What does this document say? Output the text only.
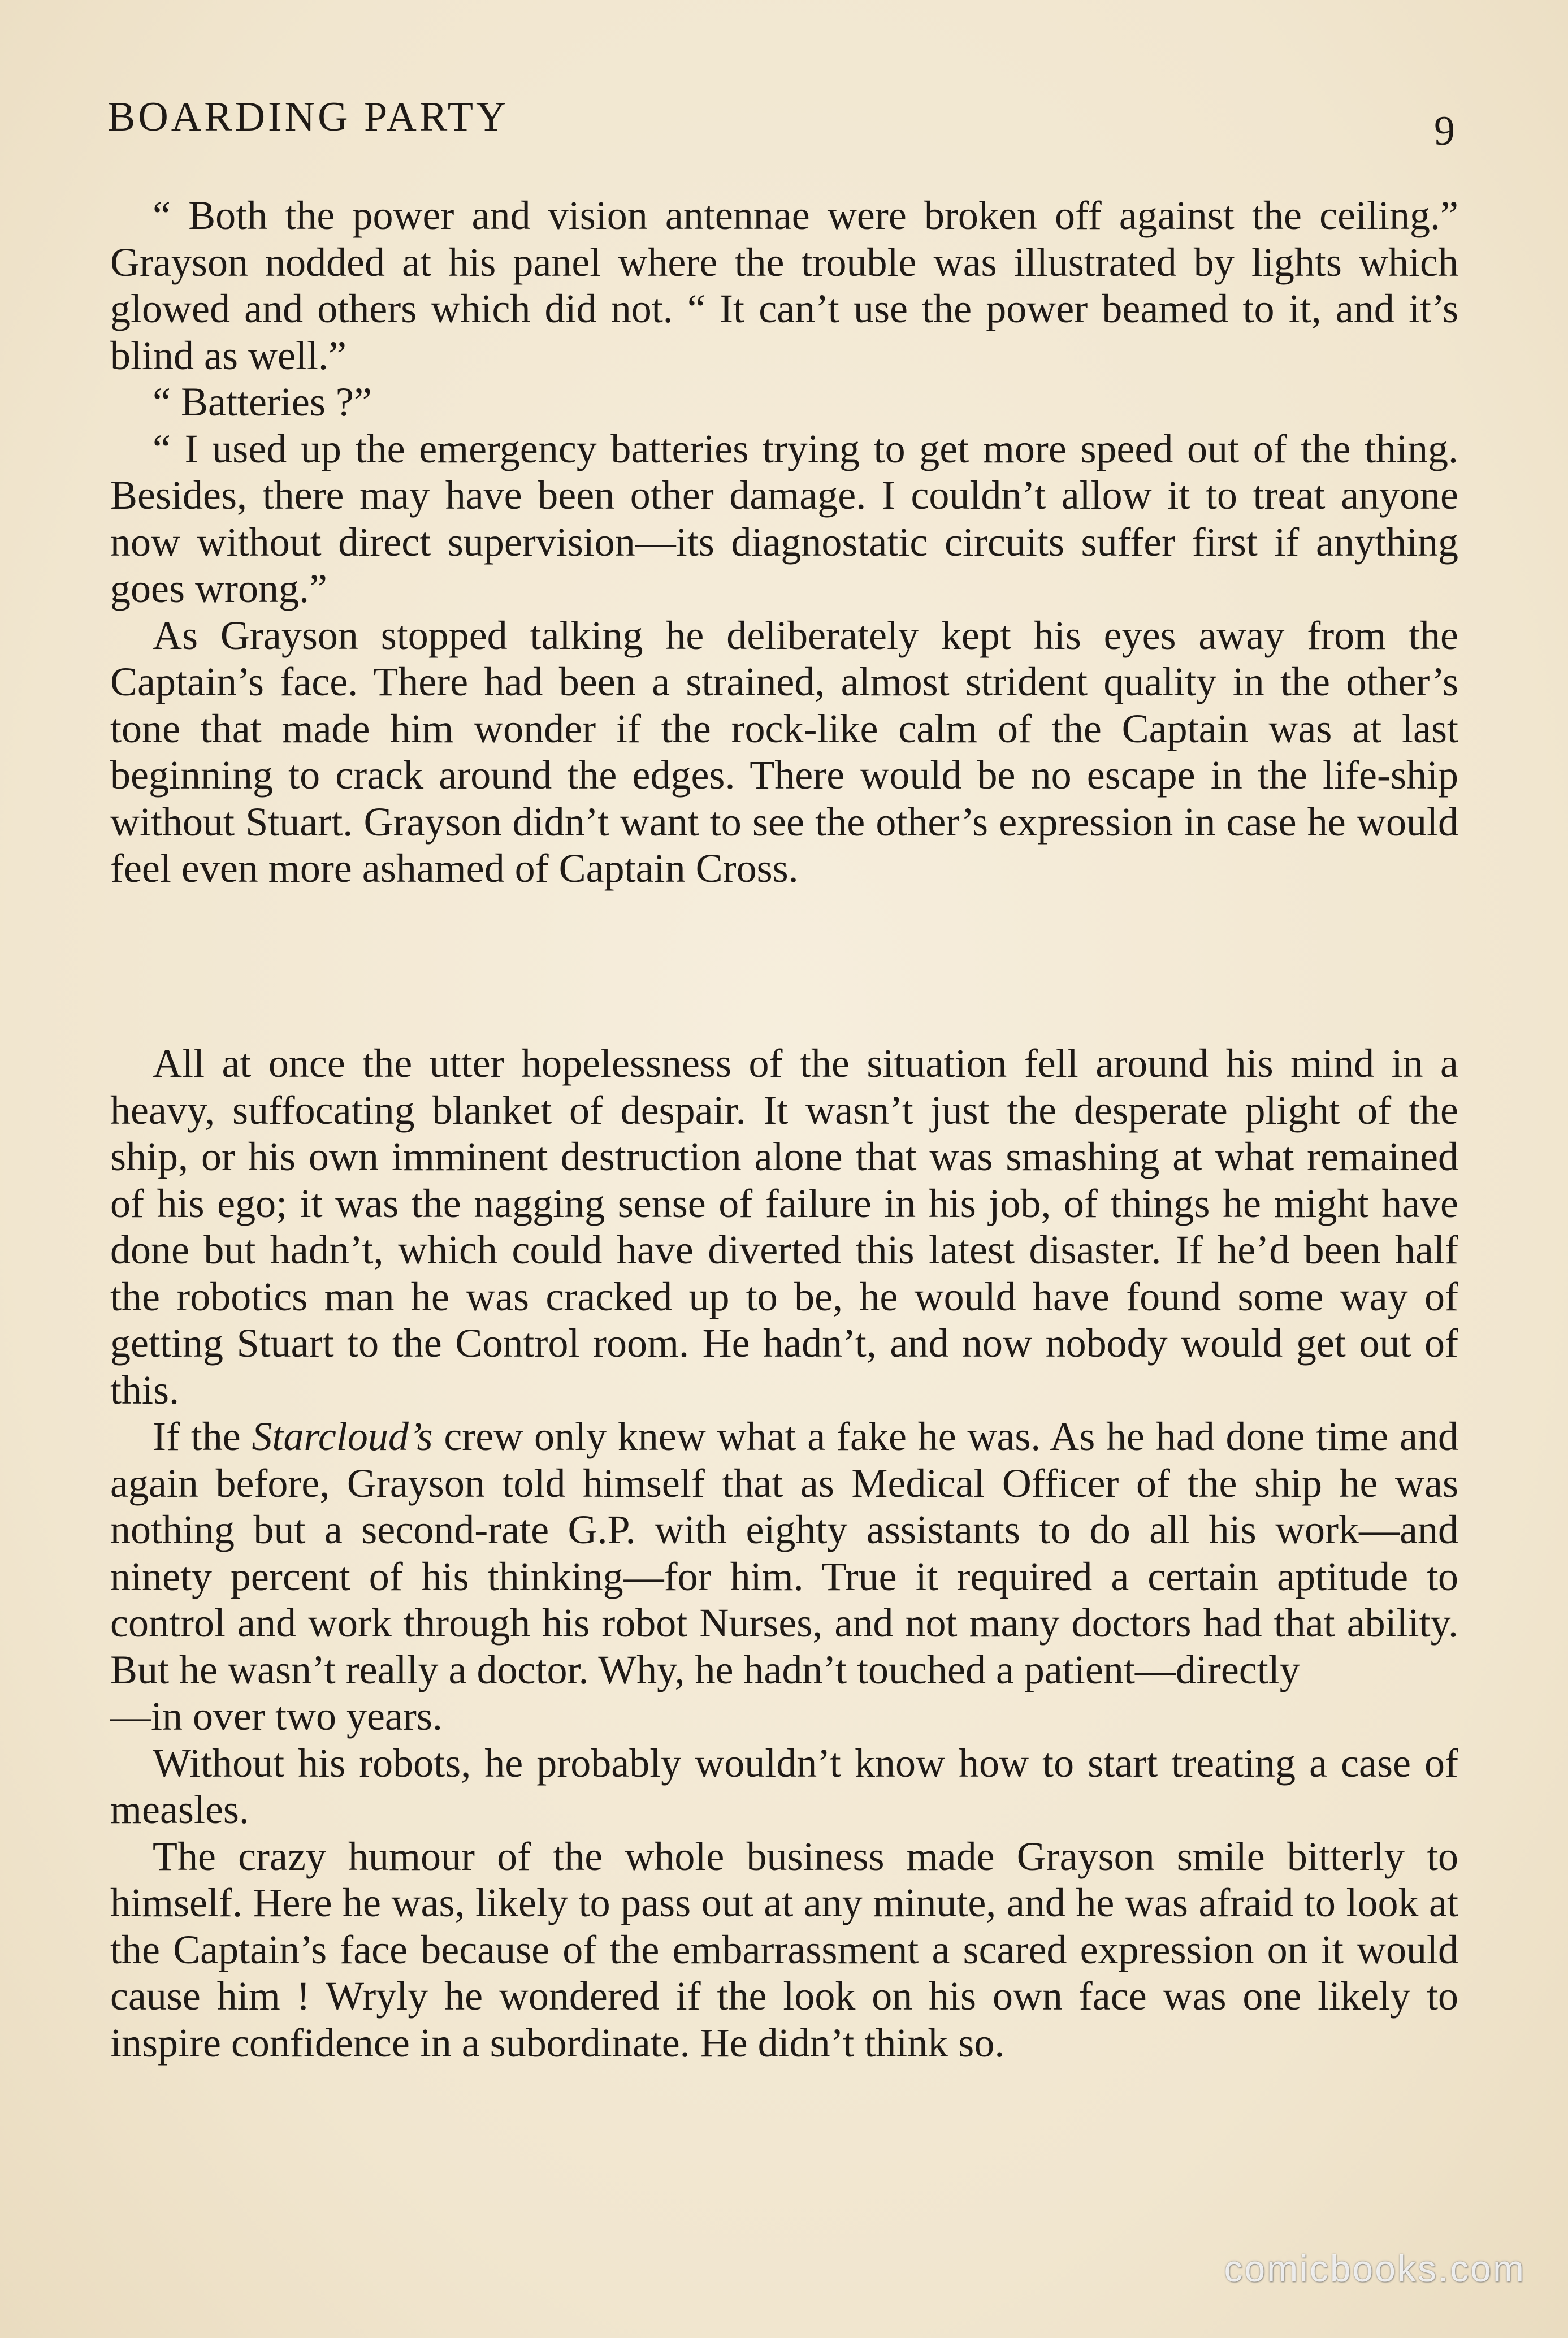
BOARDING PARTY	9

“ Both the power and vision antennae were broken off against the ceiling.” Grayson nodded at his panel where the trouble was illustrated by lights which glowed and others which did not. “ It can’t use the power beamed to it, and it’s blind as well.”

“ Batteries ?”

“ I used up the emergency batteries trying to get more speed out of the thing. Besides, there may have been other damage. I couldn’t allow it to treat anyone now without direct supervision—its diagnostatic circuits suffer first if anything goes wrong.”

As Grayson stopped talking he deliberately kept his eyes away from the Captain’s face. There had been a strained, almost strident quality in the other’s tone that made him wonder if the rock-like calm of the Captain was at last beginning to crack around the edges. There would be no escape in the life-ship without Stuart. Grayson didn’t want to see the other’s expression in case he would feel even more ashamed of Captain Cross.

All at once the utter hopelessness of the situation fell around his mind in a heavy, suffocating blanket of despair. It wasn’t just the desperate plight of the ship, or his own imminent destruction alone that was smashing at what remained of his ego; it was the nagging sense of failure in his job, of things he might have done but hadn’t, which could have diverted this latest disaster. If he’d been half the robotics man he was cracked up to be, he would have found some way of getting Stuart to the Control room. He hadn’t, and now nobody would get out of this.

If the Starcloud’s crew only knew what a fake he was. As he had done time and again before, Grayson told himself that as Medical Officer of the ship he was nothing but a second-rate G.P. with eighty assistants to do all his work—and ninety percent of his thinking—for him. True it required a certain aptitude to control and work through his robot Nurses, and not many doctors had that ability. But he wasn’t really a doctor. Why, he hadn’t touched a patient—directly

—in over two years.

Without his robots, he probably wouldn’t know how to start treating a case of measles.

The crazy humour of the whole business made Grayson smile bitterly to himself. Here he was, likely to pass out at any minute, and he was afraid to look at the Captain’s face because of the embarrassment a scared expression on it would cause him ! Wryly he wondered if the look on his own face was one likely to inspire confidence in a subordinate. He didn’t think so.

comicbooks.com
